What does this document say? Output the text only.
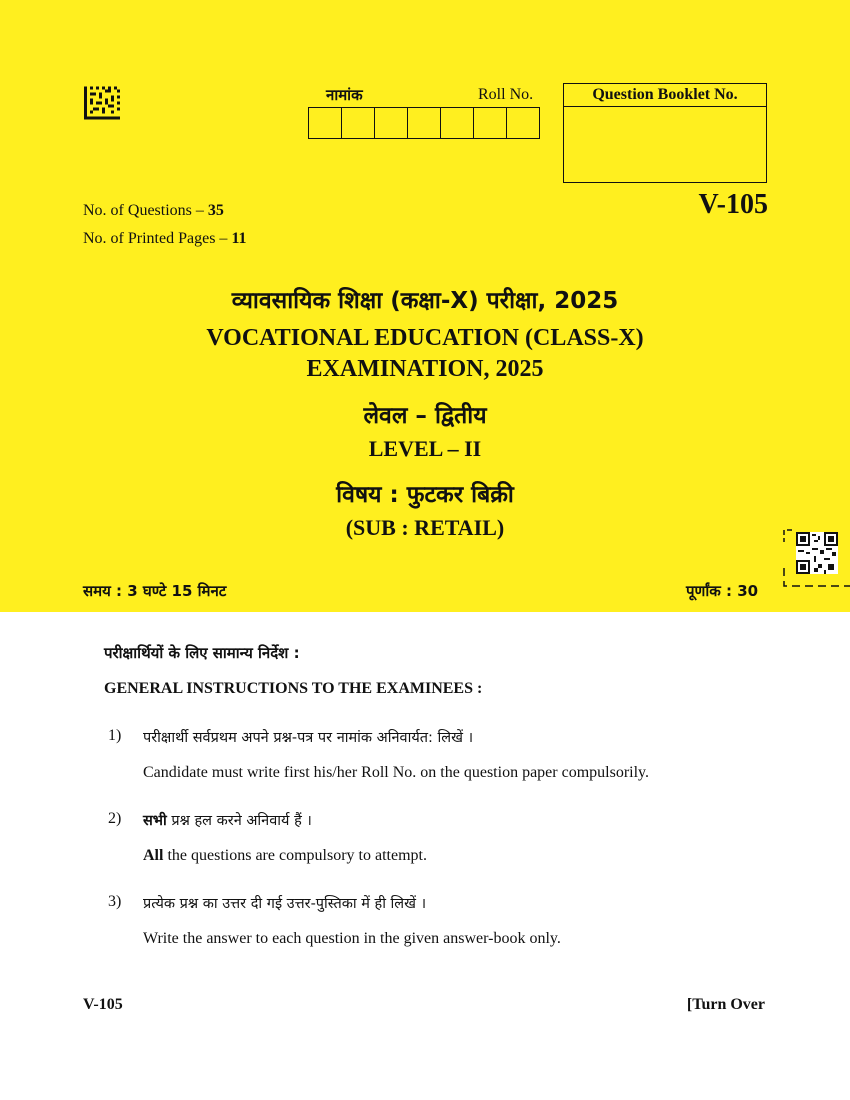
नामांक	Roll No.	Question Booklet No.
V-105
No. of Questions – 35
No. of Printed Pages – 11
व्यावसायिक शिक्षा (कक्षा-X) परीक्षा, 2025
VOCATIONAL EDUCATION (CLASS-X)
EXAMINATION, 2025
लेवल – द्वितीय
LEVEL – II
विषय : फुटकर बिक्री
(SUB : RETAIL)
समय : 3 घण्टे 15 मिनट	पूर्णांक : 30
परीक्षार्थियों के लिए सामान्य निर्देश :
GENERAL INSTRUCTIONS TO THE EXAMINEES :
1) परीक्षार्थी सर्वप्रथम अपने प्रश्न-पत्र पर नामांक अनिवार्यत: लिखें ।
Candidate must write first his/her Roll No. on the question paper compulsorily.
2) सभी प्रश्न हल करने अनिवार्य हैं ।
All the questions are compulsory to attempt.
3) प्रत्येक प्रश्न का उत्तर दी गई उत्तर-पुस्तिका में ही लिखें ।
Write the answer to each question in the given answer-book only.
V-105	[Turn Over
